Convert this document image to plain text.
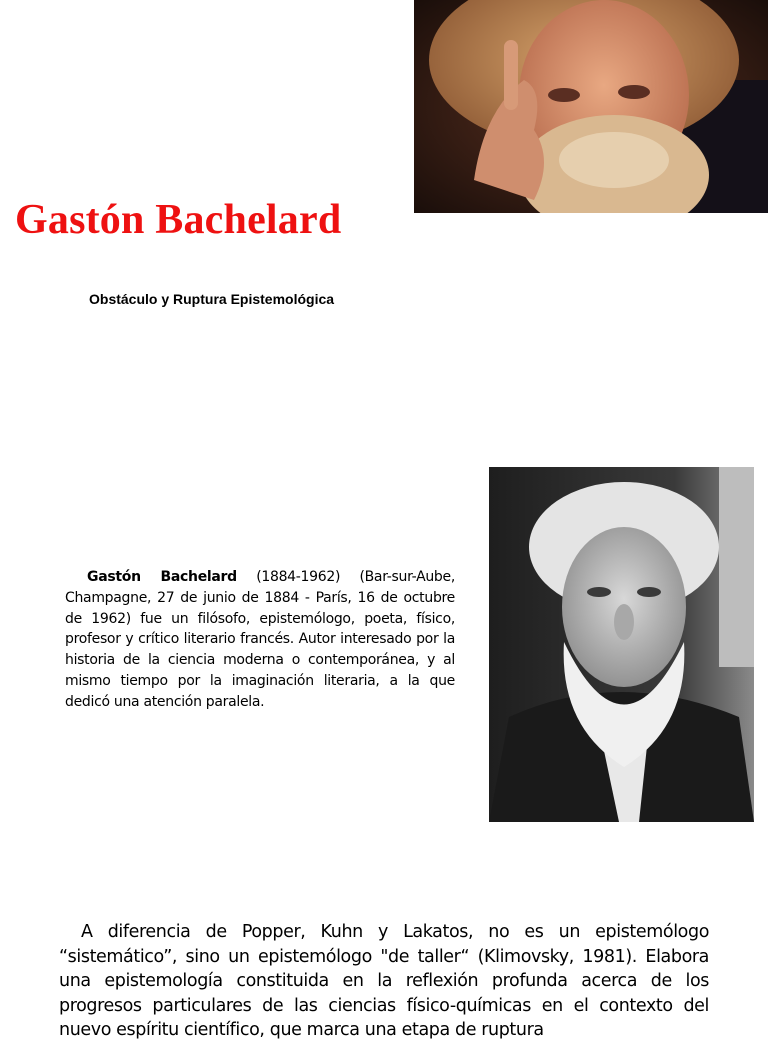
Gastón Bachelard

Obstáculo y Ruptura Epistemológica

Gastón Bachelard (1884-1962) (Bar-sur-Aube, Champagne, 27 de junio de 1884 - París, 16 de octubre de 1962) fue un filósofo, epistemólogo, poeta, físico, profesor y crítico literario francés. Autor interesado por la historia de la ciencia moderna o contemporánea, y al mismo tiempo por la imaginación literaria, a la que dedicó una atención paralela.

A diferencia de Popper, Kuhn y Lakatos, no es un epistemólogo “sistemático”, sino un epistemólogo "de taller“ (Klimovsky, 1981). Elabora una epistemología constituida en la reflexión profunda acerca de los progresos particulares de las ciencias físico-químicas en el contexto del nuevo espíritu científico, que marca una etapa de ruptura
